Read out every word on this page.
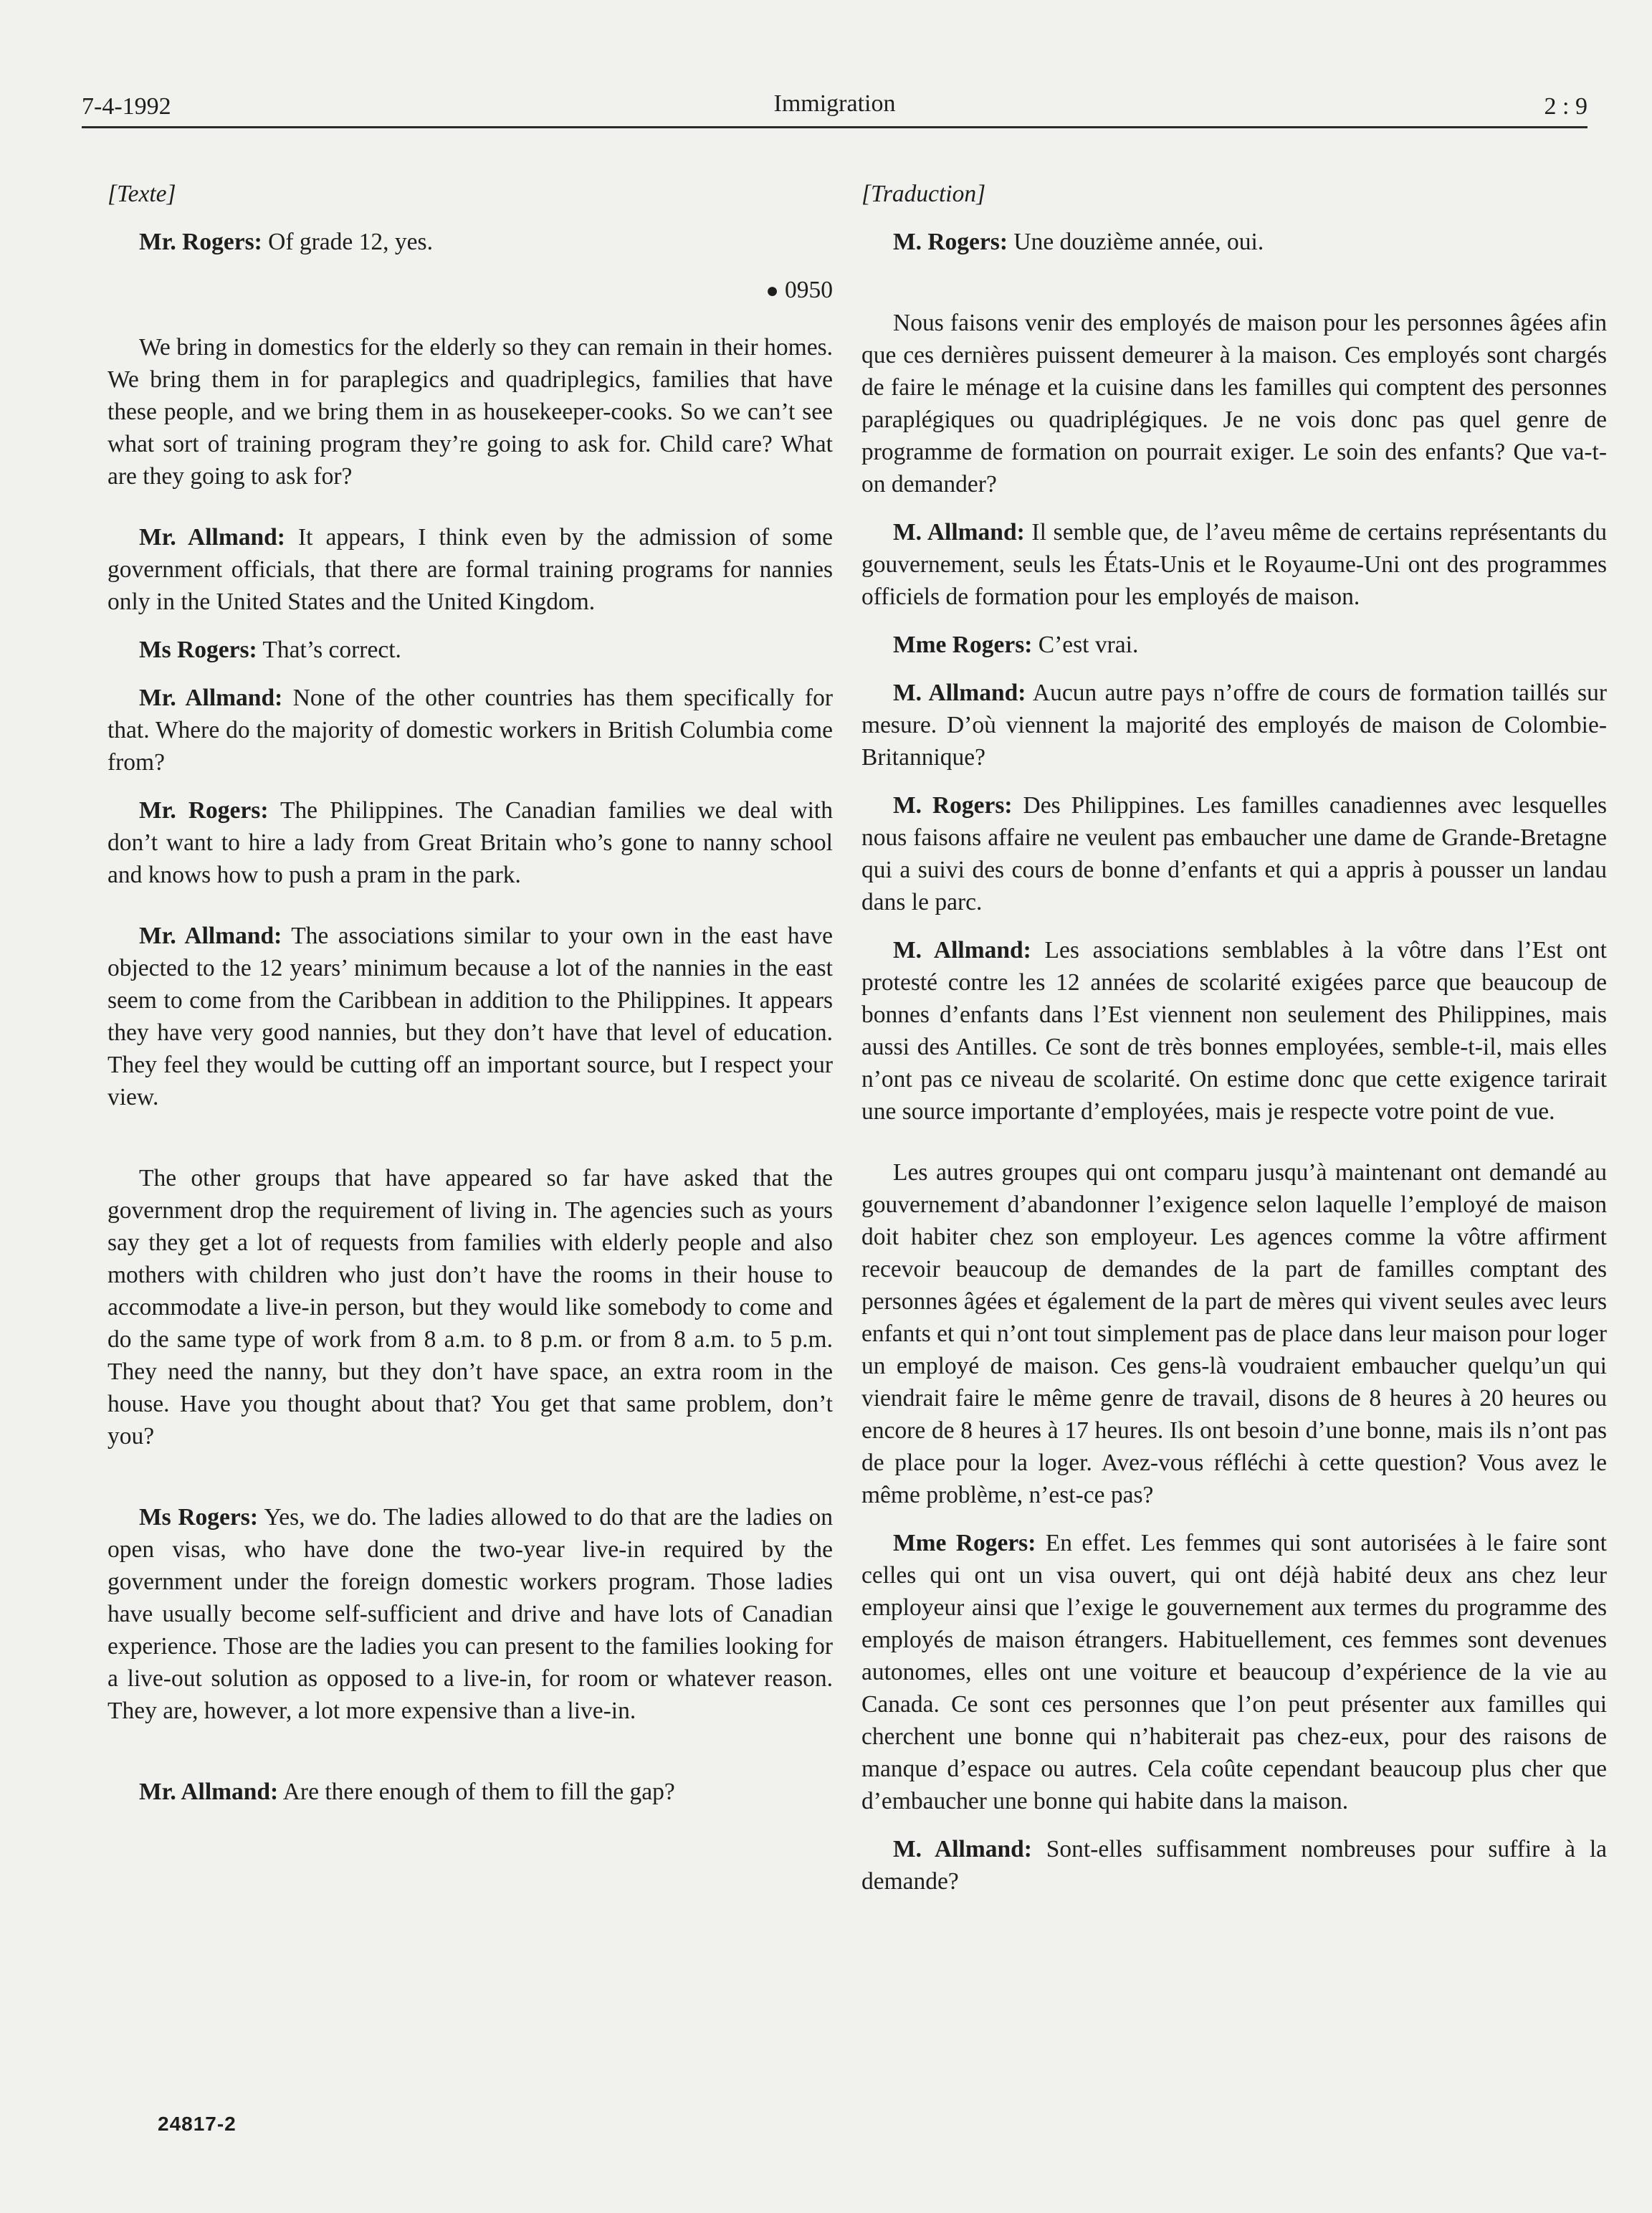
7-4-1992	Immigration	2 : 9

[Texte]

Mr. Rogers: Of grade 12, yes.

● 0950

We bring in domestics for the elderly so they can remain in their homes. We bring them in for paraplegics and quadriplegics, families that have these people, and we bring them in as housekeeper-cooks. So we can’t see what sort of training program they’re going to ask for. Child care? What are they going to ask for?

Mr. Allmand: It appears, I think even by the admission of some government officials, that there are formal training programs for nannies only in the United States and the United Kingdom.

Ms Rogers: That’s correct.

Mr. Allmand: None of the other countries has them specifically for that. Where do the majority of domestic workers in British Columbia come from?

Mr. Rogers: The Philippines. The Canadian families we deal with don’t want to hire a lady from Great Britain who’s gone to nanny school and knows how to push a pram in the park.

Mr. Allmand: The associations similar to your own in the east have objected to the 12 years’ minimum because a lot of the nannies in the east seem to come from the Caribbean in addition to the Philippines. It appears they have very good nannies, but they don’t have that level of education. They feel they would be cutting off an important source, but I respect your view.

The other groups that have appeared so far have asked that the government drop the requirement of living in. The agencies such as yours say they get a lot of requests from families with elderly people and also mothers with children who just don’t have the rooms in their house to accommodate a live-in person, but they would like somebody to come and do the same type of work from 8 a.m. to 8 p.m. or from 8 a.m. to 5 p.m. They need the nanny, but they don’t have space, an extra room in the house. Have you thought about that? You get that same problem, don’t you?

Ms Rogers: Yes, we do. The ladies allowed to do that are the ladies on open visas, who have done the two-year live-in required by the government under the foreign domestic workers program. Those ladies have usually become self-sufficient and drive and have lots of Canadian experience. Those are the ladies you can present to the families looking for a live-out solution as opposed to a live-in, for room or whatever reason. They are, however, a lot more expensive than a live-in.

Mr. Allmand: Are there enough of them to fill the gap?

[Traduction]

M. Rogers: Une douzième année, oui.

Nous faisons venir des employés de maison pour les personnes âgées afin que ces dernières puissent demeurer à la maison. Ces employés sont chargés de faire le ménage et la cuisine dans les familles qui comptent des personnes paraplégiques ou quadriplégiques. Je ne vois donc pas quel genre de programme de formation on pourrait exiger. Le soin des enfants? Que va-t-on demander?

M. Allmand: Il semble que, de l’aveu même de certains représentants du gouvernement, seuls les États-Unis et le Royaume-Uni ont des programmes officiels de formation pour les employés de maison.

Mme Rogers: C’est vrai.

M. Allmand: Aucun autre pays n’offre de cours de formation taillés sur mesure. D’où viennent la majorité des employés de maison de Colombie-Britannique?

M. Rogers: Des Philippines. Les familles canadiennes avec lesquelles nous faisons affaire ne veulent pas embaucher une dame de Grande-Bretagne qui a suivi des cours de bonne d’enfants et qui a appris à pousser un landau dans le parc.

M. Allmand: Les associations semblables à la vôtre dans l’Est ont protesté contre les 12 années de scolarité exigées parce que beaucoup de bonnes d’enfants dans l’Est viennent non seulement des Philippines, mais aussi des Antilles. Ce sont de très bonnes employées, semble-t-il, mais elles n’ont pas ce niveau de scolarité. On estime donc que cette exigence tarirait une source importante d’employées, mais je respecte votre point de vue.

Les autres groupes qui ont comparu jusqu’à maintenant ont demandé au gouvernement d’abandonner l’exigence selon laquelle l’employé de maison doit habiter chez son employeur. Les agences comme la vôtre affirment recevoir beaucoup de demandes de la part de familles comptant des personnes âgées et également de la part de mères qui vivent seules avec leurs enfants et qui n’ont tout simplement pas de place dans leur maison pour loger un employé de maison. Ces gens-là voudraient embaucher quelqu’un qui viendrait faire le même genre de travail, disons de 8 heures à 20 heures ou encore de 8 heures à 17 heures. Ils ont besoin d’une bonne, mais ils n’ont pas de place pour la loger. Avez-vous réfléchi à cette question? Vous avez le même problème, n’est-ce pas?

Mme Rogers: En effet. Les femmes qui sont autorisées à le faire sont celles qui ont un visa ouvert, qui ont déjà habité deux ans chez leur employeur ainsi que l’exige le gouvernement aux termes du programme des employés de maison étrangers. Habituellement, ces femmes sont devenues autonomes, elles ont une voiture et beaucoup d’expérience de la vie au Canada. Ce sont ces personnes que l’on peut présenter aux familles qui cherchent une bonne qui n’habiterait pas chez-eux, pour des raisons de manque d’espace ou autres. Cela coûte cependant beaucoup plus cher que d’embaucher une bonne qui habite dans la maison.

M. Allmand: Sont-elles suffisamment nombreuses pour suffire à la demande?

24817-2
